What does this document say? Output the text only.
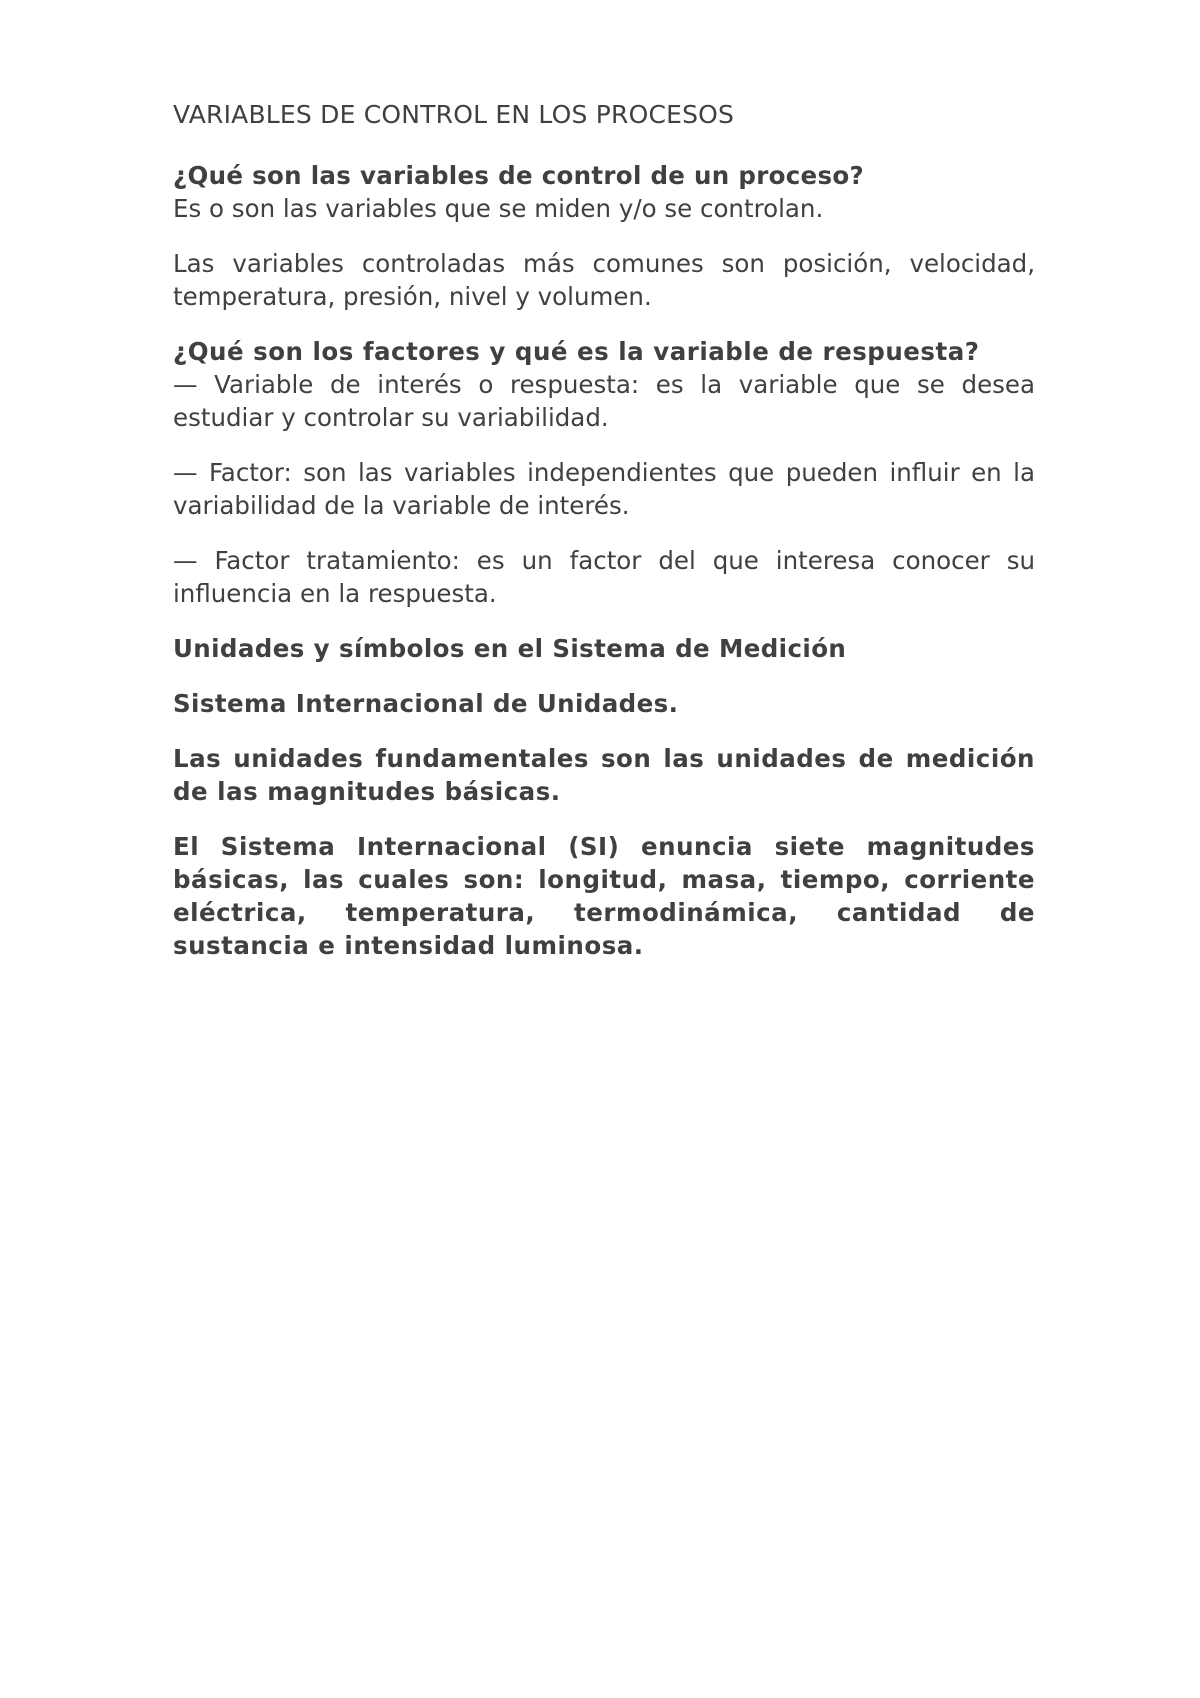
VARIABLES DE CONTROL EN LOS PROCESOS
¿Qué son las variables de control de un proceso?

Es o son las variables que se miden y/o se controlan.

Las variables controladas más comunes son posición, velocidad, temperatura, presión, nivel y volumen.

¿Qué son los factores y qué es la variable de respuesta?

— Variable de interés o respuesta: es la variable que se desea estudiar y controlar su variabilidad.

— Factor: son las variables independientes que pueden influir en la variabilidad de la variable de interés.

— Factor tratamiento: es un factor del que interesa conocer su influencia en la respuesta.

Unidades y símbolos en el Sistema de Medición
Sistema Internacional de Unidades.

Las unidades fundamentales son las unidades de medición de las magnitudes básicas.

El Sistema Internacional (SI) enuncia siete magnitudes básicas, las cuales son: longitud, masa, tiempo, corriente eléctrica, temperatura, termodinámica, cantidad de sustancia e intensidad luminosa.
